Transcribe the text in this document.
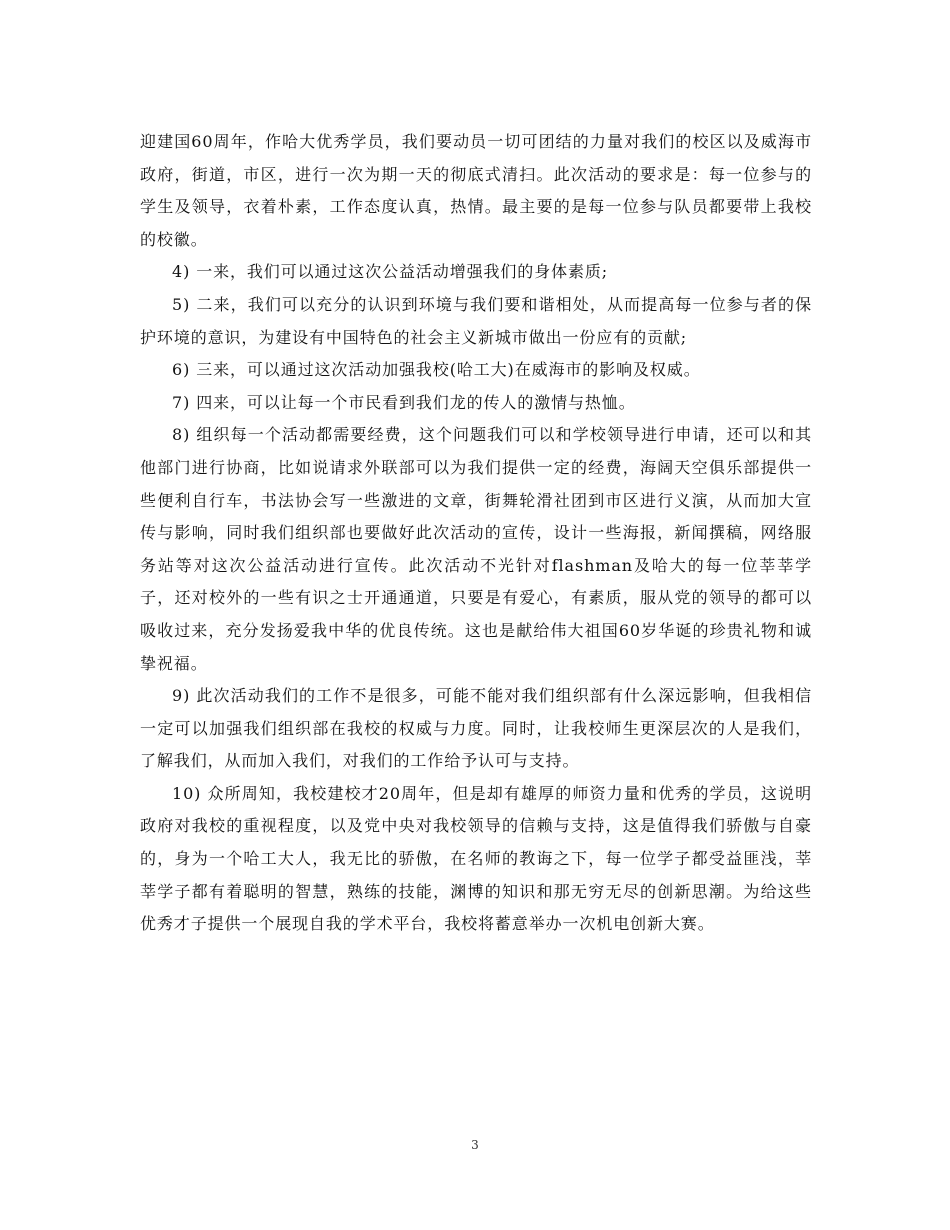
迎建国60周年，作哈大优秀学员，我们要动员一切可团结的力量对我们的校区以及威海市政府，街道，市区，进行一次为期一天的彻底式清扫。此次活动的要求是：每一位参与的学生及领导，衣着朴素，工作态度认真，热情。最主要的是每一位参与队员都要带上我校的校徽。

4) 一来，我们可以通过这次公益活动增强我们的身体素质;

5) 二来，我们可以充分的认识到环境与我们要和谐相处，从而提高每一位参与者的保护环境的意识，为建设有中国特色的社会主义新城市做出一份应有的贡献;

6) 三来，可以通过这次活动加强我校(哈工大)在威海市的影响及权威。

7) 四来，可以让每一个市民看到我们龙的传人的激情与热恤。

8) 组织每一个活动都需要经费，这个问题我们可以和学校领导进行申请，还可以和其他部门进行协商，比如说请求外联部可以为我们提供一定的经费，海阔天空俱乐部提供一些便利自行车，书法协会写一些激进的文章，街舞轮滑社团到市区进行义演，从而加大宣传与影响，同时我们组织部也要做好此次活动的宣传，设计一些海报，新闻撰稿，网络服务站等对这次公益活动进行宣传。此次活动不光针对flashman及哈大的每一位莘莘学子，还对校外的一些有识之士开通通道，只要是有爱心，有素质，服从党的领导的都可以吸收过来，充分发扬爱我中华的优良传统。这也是献给伟大祖国60岁华诞的珍贵礼物和诚挚祝福。

9) 此次活动我们的工作不是很多，可能不能对我们组织部有什么深远影响，但我相信一定可以加强我们组织部在我校的权威与力度。同时，让我校师生更深层次的人是我们，了解我们，从而加入我们，对我们的工作给予认可与支持。

10) 众所周知，我校建校才20周年，但是却有雄厚的师资力量和优秀的学员，这说明政府对我校的重视程度，以及党中央对我校领导的信赖与支持，这是值得我们骄傲与自豪的，身为一个哈工大人，我无比的骄傲，在名师的教诲之下，每一位学子都受益匪浅，莘莘学子都有着聪明的智慧，熟练的技能，渊博的知识和那无穷无尽的创新思潮。为给这些优秀才子提供一个展现自我的学术平台，我校将蓄意举办一次机电创新大赛。

3
